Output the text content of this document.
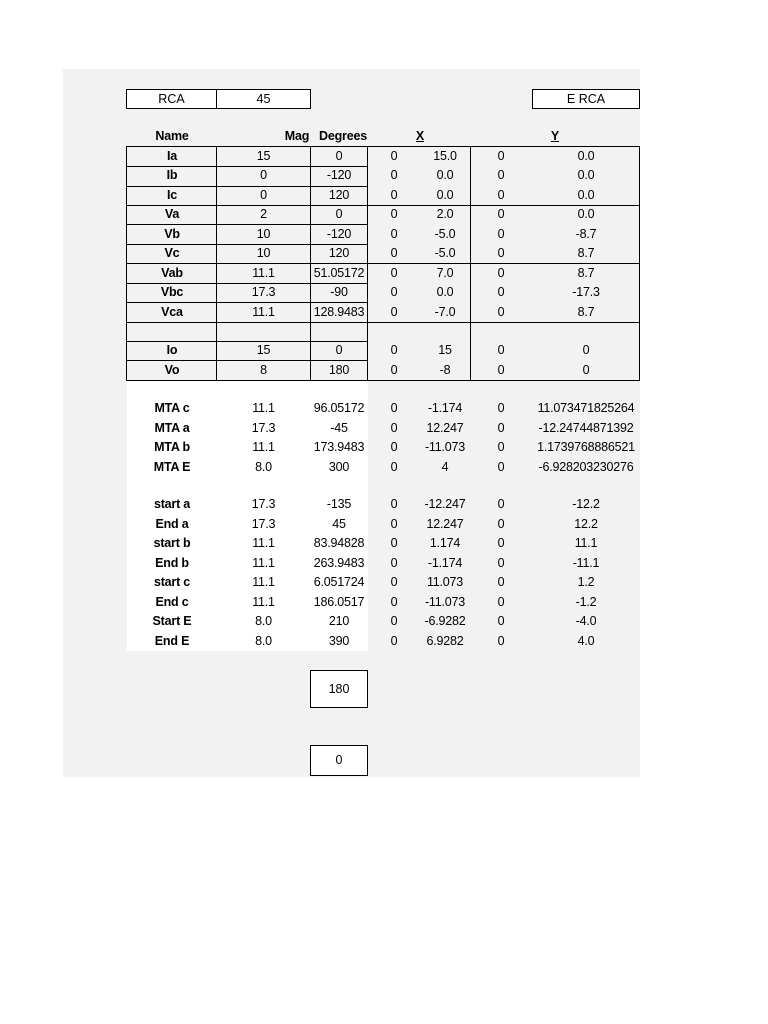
RCA	45	E RCA
Name	Mag Degrees	X	Y
Ia	15	0	0	15.0	0	0.0
Ib	0	-120	0	0.0	0	0.0
Ic	0	120	0	0.0	0	0.0
Va	2	0	0	2.0	0	0.0
Vb	10	-120	0	-5.0	0	-8.7
Vc	10	120	0	-5.0	0	8.7
Vab	11.1	51.05172	0	7.0	0	8.7
Vbc	17.3	-90	0	0.0	0	-17.3
Vca	11.1	128.9483	0	-7.0	0	8.7
Io	15	0	0	15	0	0
Vo	8	180	0	-8	0	0
MTA c	11.1	96.05172	0	-1.174	0	11.073471825264
MTA a	17.3	-45	0	12.247	0	-12.24744871392
MTA b	11.1	173.9483	0	-11.073	0	1.1739768886521
MTA E	8.0	300	0	4	0	-6.928203230276
start a	17.3	-135	0	-12.247	0	-12.2
End a	17.3	45	0	12.247	0	12.2
start b	11.1	83.94828	0	1.174	0	11.1
End b	11.1	263.9483	0	-1.174	0	-11.1
start c	11.1	6.051724	0	11.073	0	1.2
End c	11.1	186.0517	0	-11.073	0	-1.2
Start E	8.0	210	0	-6.9282	0	-4.0
End E	8.0	390	0	6.9282	0	4.0
180
0
